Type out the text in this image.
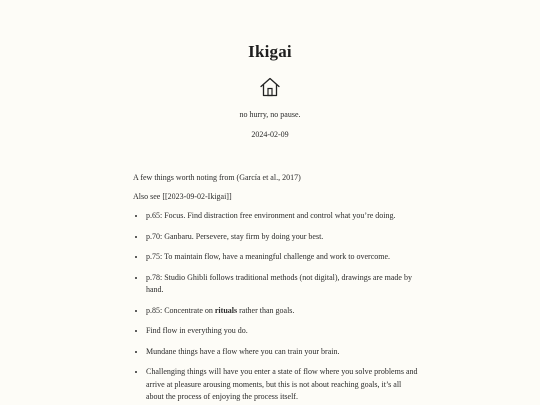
Ikigai
no hurry, no pause.
2024-02-09

A few things worth noting from (García et al., 2017)

Also see [[2023-09-02-Ikigai]]

• p.65: Focus. Find distraction free environment and control what you’re doing.
• p.70: Ganbaru. Persevere, stay firm by doing your best.
• p.75: To maintain flow, have a meaningful challenge and work to overcome.
• p.78: Studio Ghibli follows traditional methods (not digital), drawings are made by hand.
• p.85: Concentrate on rituals rather than goals.
• Find flow in everything you do.
• Mundane things have a flow where you can train your brain.
• Challenging things will have you enter a state of flow where you solve problems and arrive at pleasure arousing moments, but this is not about reaching goals, it’s all about the process of enjoying the process itself.
